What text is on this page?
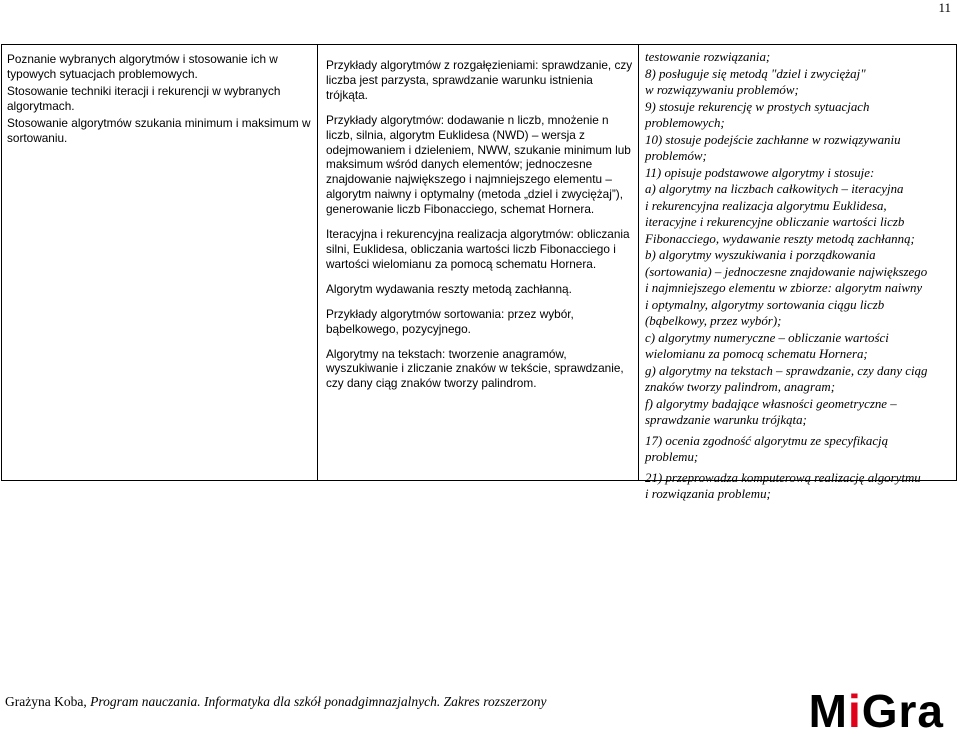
11

Poznanie wybranych algorytmów i stosowanie ich w typowych sytuacjach problemowych.

Stosowanie techniki iteracji i rekurencji w wybranych algorytmach.

Stosowanie algorytmów szukania minimum i maksimum w sortowaniu.

Przykłady algorytmów z rozgałęzieniami: sprawdzanie, czy liczba jest parzysta, sprawdzanie warunku istnienia trójkąta.

Przykłady algorytmów: dodawanie n liczb, mnożenie n liczb, silnia, algorytm Euklidesa (NWD) – wersja z odejmowaniem i dzieleniem, NWW, szukanie minimum lub maksimum wśród danych elementów; jednoczesne znajdowanie największego i najmniejszego elementu – algorytm naiwny i optymalny (metoda „dziel i zwyciężaj”), generowanie liczb Fibonacciego, schemat Hornera.

Iteracyjna i rekurencyjna realizacja algorytmów: obliczania silni, Euklidesa, obliczania wartości liczb Fibonacciego i wartości wielomianu za pomocą schematu Hornera.

Algorytm wydawania reszty metodą zachłanną.

Przykłady algorytmów sortowania: przez wybór, bąbelkowego, pozycyjnego.

Algorytmy na tekstach: tworzenie anagramów, wyszukiwanie i zliczanie znaków w tekście, sprawdzanie, czy dany ciąg znaków tworzy palindrom.

testowanie rozwiązania;
8) posługuje się metodą "dziel i zwyciężaj"
w rozwiązywaniu problemów;
9) stosuje rekurencję w prostych sytuacjach
problemowych;
10) stosuje podejście zachłanne w rozwiązywaniu
problemów;
11) opisuje podstawowe algorytmy i stosuje:
a) algorytmy na liczbach całkowitych – iteracyjna
i rekurencyjna realizacja algorytmu Euklidesa,
iteracyjne i rekurencyjne obliczanie wartości liczb
Fibonacciego, wydawanie reszty metodą zachłanną;
b) algorytmy wyszukiwania i porządkowania
(sortowania) – jednoczesne znajdowanie największego
i najmniejszego elementu w zbiorze: algorytm naiwny
i optymalny, algorytmy sortowania ciągu liczb
(bąbelkowy, przez wybór);
c) algorytmy numeryczne – obliczanie wartości
wielomianu za pomocą schematu Hornera;
g) algorytmy na tekstach – sprawdzanie, czy dany ciąg
znaków tworzy palindrom, anagram;
f) algorytmy badające własności geometryczne –
sprawdzanie warunku trójkąta;
17) ocenia zgodność algorytmu ze specyfikacją
problemu;
21) przeprowadza komputerową realizację algorytmu
i rozwiązania problemu;
Grażyna Koba, Program nauczania. Informatyka dla szkół ponadgimnazjalnych. Zakres rozszerzony	MiGra
